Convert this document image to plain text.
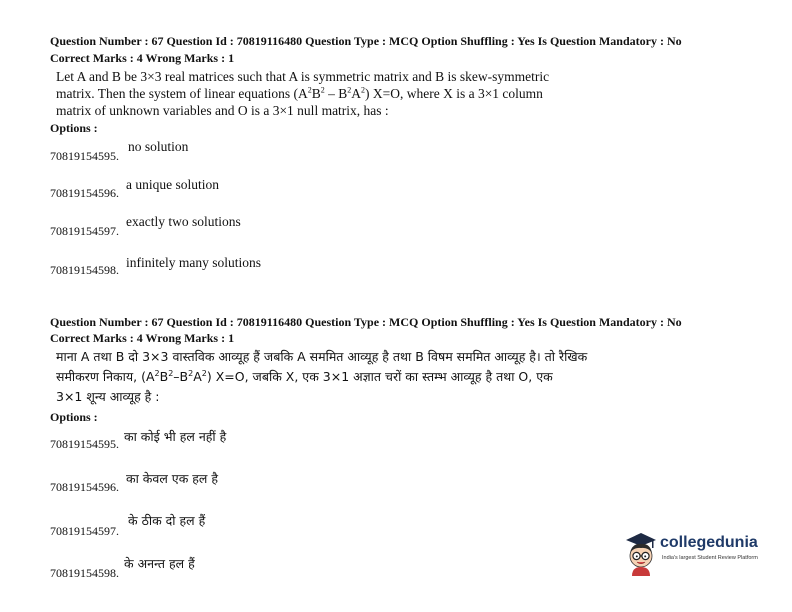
Question Number : 67 Question Id : 70819116480 Question Type : MCQ Option Shuffling : Yes Is Question Mandatory : No
Correct Marks : 4 Wrong Marks : 1
Let A and B be 3×3 real matrices such that A is symmetric matrix and B is skew-symmetric
matrix. Then the system of linear equations $(A^2B^2 - B^2A^2)$ X=O, where X is a 3×1 column
matrix of unknown variables and O is a 3×1 null matrix, has :
Options :
70819154595.
no solution
70819154596.
a unique solution
70819154597.
exactly two solutions
70819154598. infinitely many solutions
Question Number : 67 Question Id : 70819116480 Question Type : MCQ Option Shuffling : Yes Is Question Mandatory : No
Correct Marks : 4 Wrong Marks : 1
माना A तथा B दो 3×3 वास्तविक आव्यूह हैं जबकि A सममित आव्यूह है तथा B विषम सममित आव्यूह है। तो रैखिक
समीकरण निकाय, $(A^2B^2-B^2A^2)$ X=O, जबकि X, एक 3×1 अज्ञात चरों का स्तम्भ आव्यूह है तथा O, एक
3×1 शून्य आव्यूह है :
Options :
70819154595. का कोई भी हल नहीं है
70819154596.
का केवल एक हल है
70819154597.
के ठीक दो हल हैं
70819154598.
के अनन्त हल हैं
collegedunia
India's largest Student Review Platform
